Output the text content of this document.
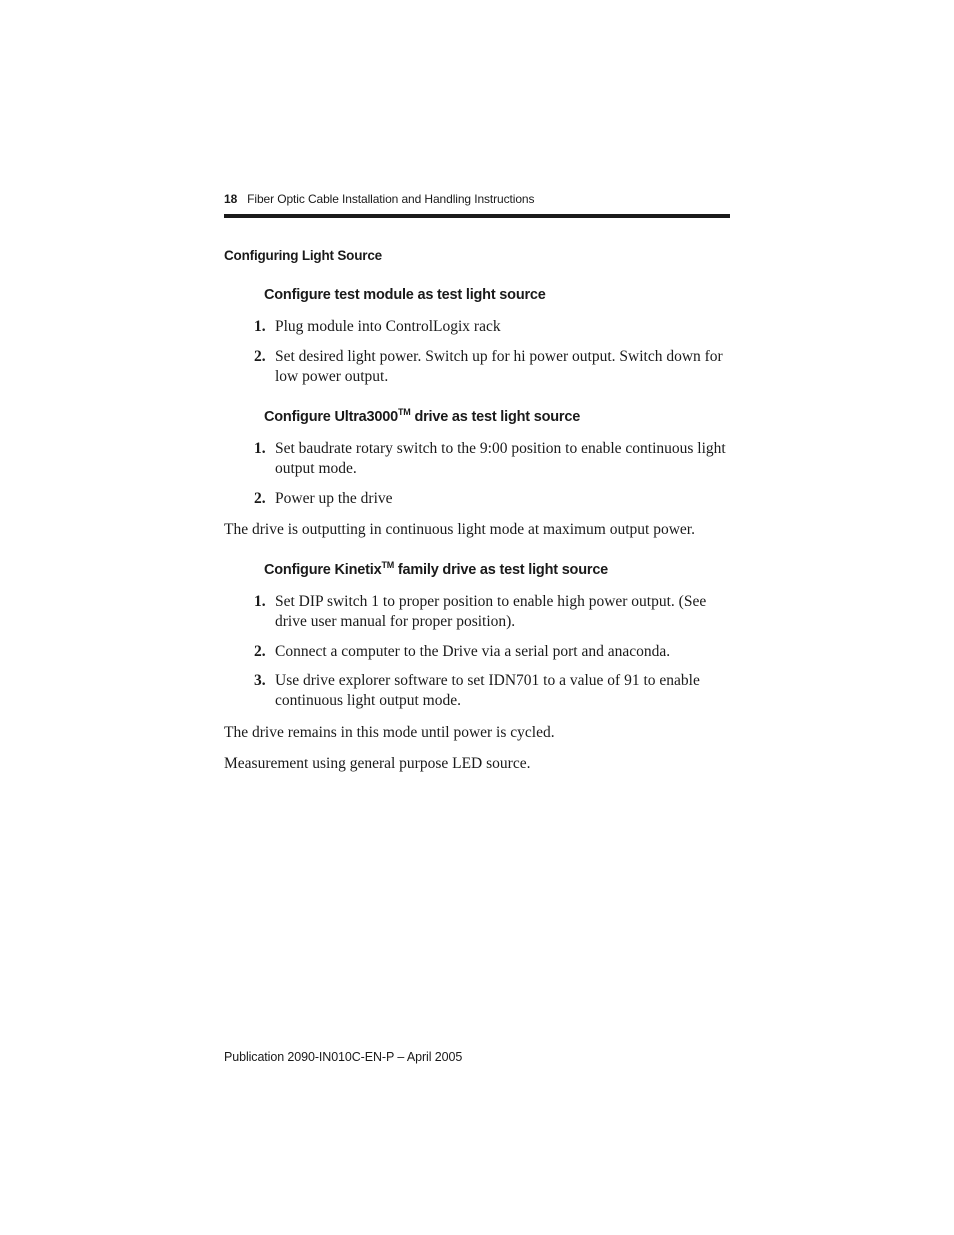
18 Fiber Optic Cable Installation and Handling Instructions
Configuring Light Source
Configure test module as test light source
1. Plug module into ControlLogix rack
2. Set desired light power. Switch up for hi power output. Switch down for low power output.
Configure Ultra3000™ drive as test light source
1. Set baudrate rotary switch to the 9:00 position to enable continuous light output mode.
2. Power up the drive
The drive is outputting in continuous light mode at maximum output power.
Configure Kinetix™ family drive as test light source
1. Set DIP switch 1 to proper position to enable high power output. (See drive user manual for proper position).
2. Connect a computer to the Drive via a serial port and anaconda.
3. Use drive explorer software to set IDN701 to a value of 91 to enable continuous light output mode.
The drive remains in this mode until power is cycled.
Measurement using general purpose LED source.
Publication 2090-IN010C-EN-P – April 2005
